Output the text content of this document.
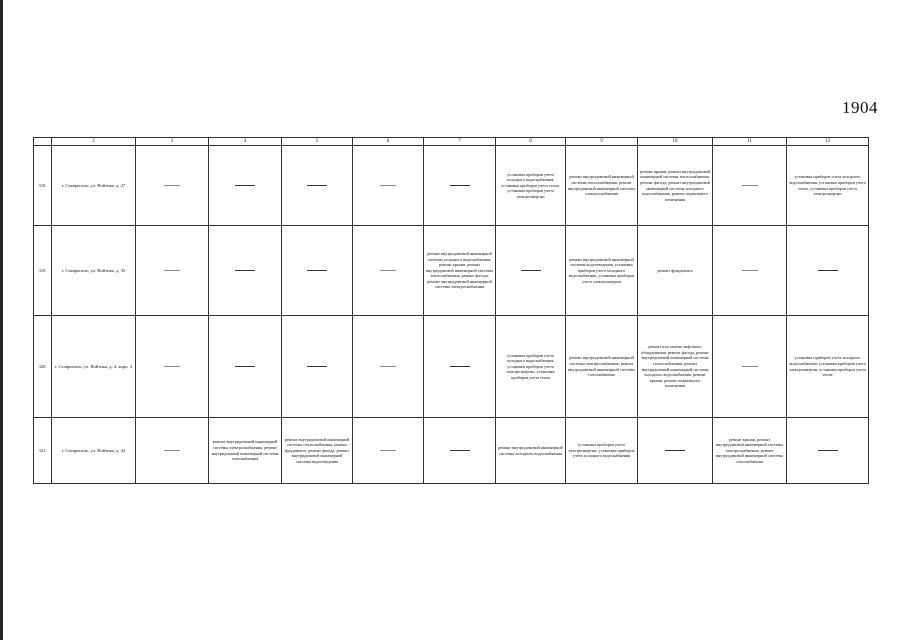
1904
	2	3	4	5	6	7	8	9	10	11	12
318.	г. Ставрополь, ул. Войтика, д. 27						установка приборов учета холодного водоснабжения, установка приборов учета тепла, установка приборов учета электроэнергии	ремонт внутридомовой инженерной системы теплоснабжения, ремонт внутридомовой инженерной системы электроснабжения	ремонт крыши, ремонт внутридомовой инженерной системы теплоснабжения, ремонт фасада, ремонт внутридомовой инженерной системы холодного водоснабжения, ремонт подвального помещения		установка приборов учета холодного водоснабжения, установка приборов учета тепла, установка приборов учета электроэнергии
319.	г. Ставрополь, ул. Войтика, д. 35					ремонт внутридомовой инженерной системы холодного водоснабжения, ремонт крыши, ремонт внутридомовой инженерной системы теплоснабжения, ремонт фасада, ремонт внутридомовой инженерной системы электроснабжения		ремонт внутридомовой инженерной системы водоотведения, установка приборов учета холодного водоснабжения, установка приборов учета электроэнергии	ремонт фундамента		
320.	г. Ставрополь, ул. Войтика, д. 4, корп. 3						установка приборов учета холодного водоснабжения, установка приборов учета электроэнергии, установка приборов учета тепла	ремонт внутридомовой инженерной системы электроснабжения, ремонт внутридомовой инженерной системы газоснабжения	ремонт или замена лифтового оборудования, ремонт фасада, ремонт внутридомовой инженерной системы теплоснабжения, ремонт внутридомовой инженерной системы холодного водоснабжения, ремонт крыши, ремонт подвального помещения		установка приборов учета холодного водоснабжения, установка приборов учета электроэнергии, установка приборов учета тепла
321.	г. Ставрополь, ул. Войтика, д. 43		ремонт внутридомовой инженерной системы электроснабжения, ремонт внутридомовой инженерной системы газоснабжения	ремонт внутридомовой инженерной системы теплоснабжения, ремонт фундамента, ремонт фасада, ремонт внутридомовой инженерной системы водоотведения			ремонт внутридомовой инженерной системы холодного водоснабжения	установка приборов учета электроэнергии, установка приборов учета холодного водоснабжения		ремонт крыши, ремонт внутридомовой инженерной системы электроснабжения, ремонт внутридомовой инженерной системы газоснабжения	
